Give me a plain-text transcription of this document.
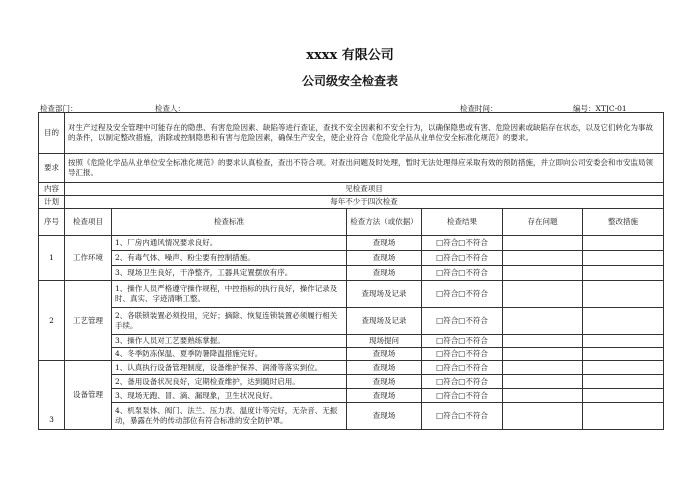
xxxx 有限公司
公司级安全检查表
检查部门：	检查人：	检查时间：	编号：XTJC-01
目的	对生产过程及安全管理中可能存在的隐患、有害危险因素、缺陷等进行查证，查找不安全因素和不安全行为，以确保隐患或有害、危险因素或缺陷存在状态，以及它们转化为事故的条件，以制定整改措施，消除或控制隐患和有害与危险因素，确保生产安全，使企业符合《危险化学品从业单位安全标准化规范》的要求。					
要求	按照《危险化学品从业单位安全标准化规范》的要求认真检查，查出不符合项。对查出问题及时处理，暂时无法处理得应采取有效的预防措施，并立即向公司安委会和市安监局领导汇报。					
内容	见检查项目					
计划	每年不少于四次检查					
序号	检查项目	检查标准	检查方法（或依据）	检查结果	存在问题	整改措施
1	工作环境	1、厂房内通风情况要求良好。	查现场	□符合□不符合		
		2、有毒气体、噪声、粉尘要有控制措施。	查现场	□符合□不符合		
		3、现场卫生良好，干净整齐，工器具定置摆放有序。	查现场	□符合□不符合		
2	工艺管理	1、操作人员严格遵守操作规程，中控指标的执行良好，操作记录及时、真实、字迹清晰工整。	查现场及记录	□符合□不符合		
		2、各联锁装置必须投用，完好；摘除、恢复连锁装置必须履行相关手续。	查现场及记录	□符合□不符合		
		3、操作人员对工艺要熟练掌握。	现场提问	□符合□不符合		
		4、冬季防冻保温、夏季防暑降温措施完好。	查现场	□符合□不符合		
3	设备管理	1、认真执行设备管理制度，设备维护保养、润滑等落实到位。	查现场	□符合□不符合		
		2、备用设备状况良好，定期检查维护，达到随时启用。	查现场	□符合□不符合		
		3、现场无跑、冒、滴、漏现象，卫生状况良好。	查现场	□符合□不符合		
		4、机泵泵体、阀门、法兰、压力表、温度计等完好，无杂音、无振动，暴露在外的传动部位有符合标准的安全防护罩。	查现场	□符合□不符合		
